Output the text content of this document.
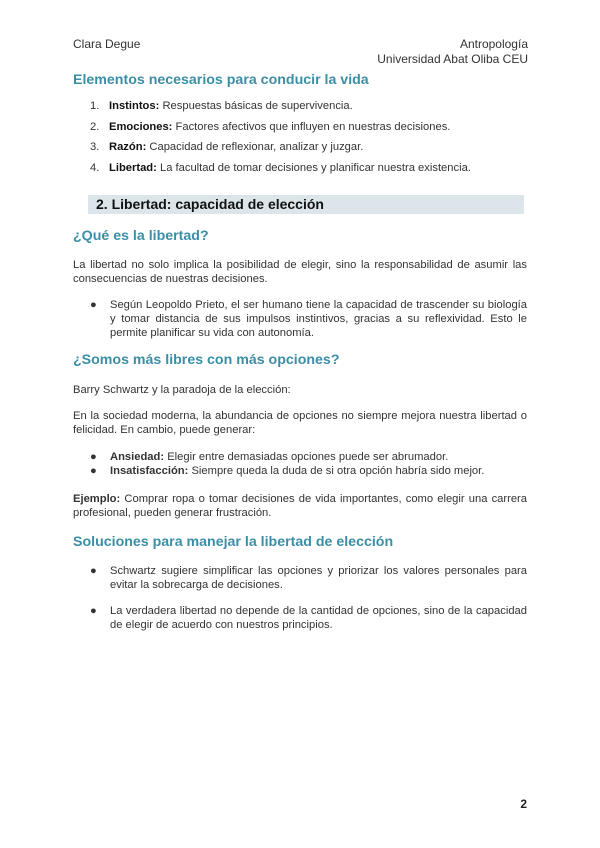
Clara Degue	Antropología
Universidad Abat Oliba CEU
Elementos necesarios para conducir la vida
1. Instintos: Respuestas básicas de supervivencia.
2. Emociones: Factores afectivos que influyen en nuestras decisiones.
3. Razón: Capacidad de reflexionar, analizar y juzgar.
4. Libertad: La facultad de tomar decisiones y planificar nuestra existencia.
2. Libertad: capacidad de elección
¿Qué es la libertad?
La libertad no solo implica la posibilidad de elegir, sino la responsabilidad de asumir las consecuencias de nuestras decisiones.
● Según Leopoldo Prieto, el ser humano tiene la capacidad de trascender su biología y tomar distancia de sus impulsos instintivos, gracias a su reflexividad. Esto le permite planificar su vida con autonomía.
¿Somos más libres con más opciones?
Barry Schwartz y la paradoja de la elección:
En la sociedad moderna, la abundancia de opciones no siempre mejora nuestra libertad o felicidad. En cambio, puede generar:
● Ansiedad: Elegir entre demasiadas opciones puede ser abrumador.
● Insatisfacción: Siempre queda la duda de si otra opción habría sido mejor.
Ejemplo: Comprar ropa o tomar decisiones de vida importantes, como elegir una carrera profesional, pueden generar frustración.
Soluciones para manejar la libertad de elección
● Schwartz sugiere simplificar las opciones y priorizar los valores personales para evitar la sobrecarga de decisiones.
● La verdadera libertad no depende de la cantidad de opciones, sino de la capacidad de elegir de acuerdo con nuestros principios.
2
